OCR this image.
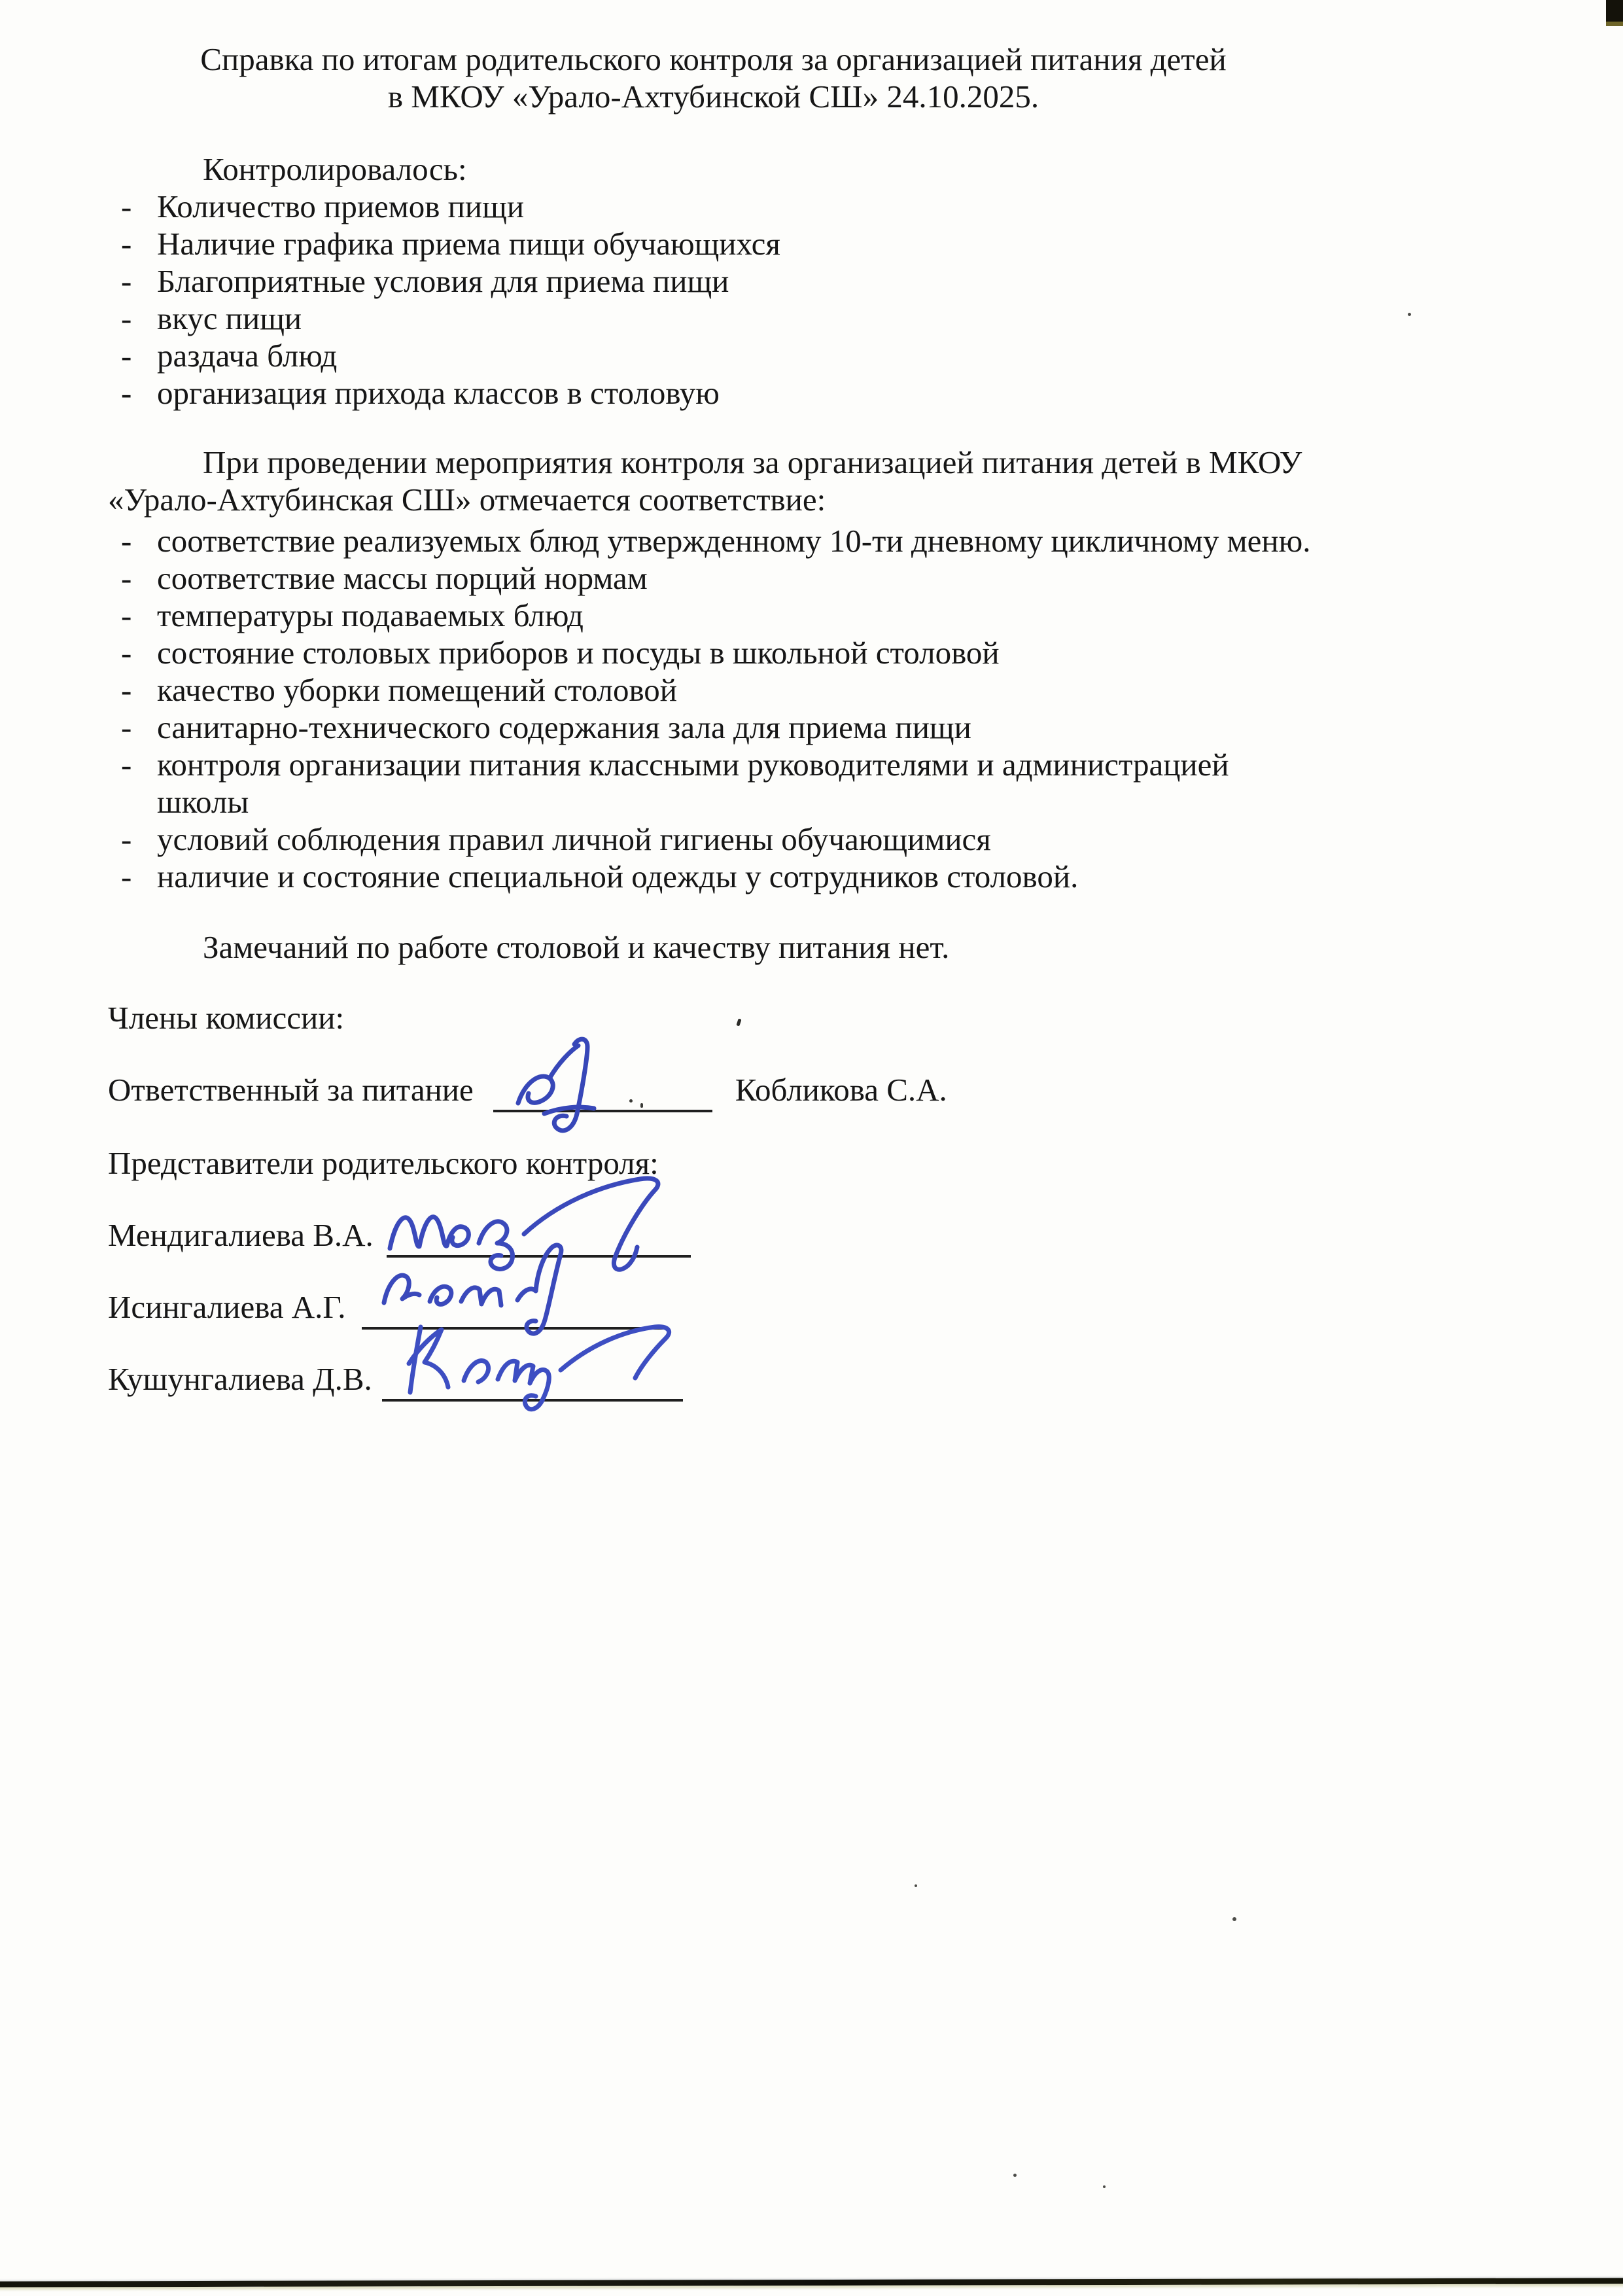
Справка по итогам родительского контроля за организацией питания детей
в МКОУ «Урало-Ахтубинской СШ» 24.10.2025.

Контролировалось:

- Количество приемов пищи
- Наличие графика приема пищи обучающихся
- Благоприятные условия для приема пищи
- вкус пищи
- раздача блюд
- организация прихода классов в столовую

При проведении мероприятия контроля за организацией питания детей в МКОУ «Урало-Ахтубинская СШ» отмечается соответствие:

- соответствие реализуемых блюд утвержденному 10-ти дневному цикличному меню.
- соответствие массы порций нормам
- температуры подаваемых блюд
- состояние столовых приборов и посуды в школьной столовой
- качество уборки помещений столовой
- санитарно-технического содержания зала для приема пищи
- контроля организации питания классными руководителями и администрацией школы
- условий соблюдения правил личной гигиены обучающимися
- наличие и состояние специальной одежды у сотрудников столовой.

Замечаний по работе столовой и качеству питания нет.

Члены комиссии:

Ответственный за питание	Кобликова С.А.

Представители родительского контроля:

Мендигалиева В.А.
Исингалиева А.Г.
Кушунгалиева Д.В.
